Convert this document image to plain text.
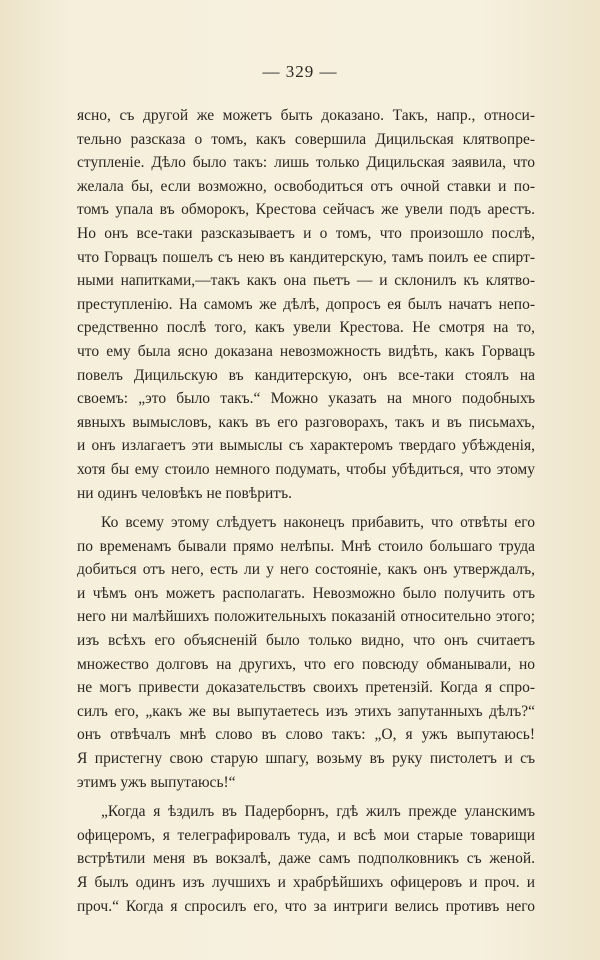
— 329 —
ясно, съ другой же можетъ быть доказано. Такъ, напр., относи-
тельно разсказа о томъ, какъ совершила Дицильская клятвопре-
ступленіе. Дѣло было такъ: лишь только Дицильская заявила, что
желала бы, если возможно, освободиться отъ очной ставки и по-
томъ упала въ обморокъ, Крестова сейчасъ же увели подъ арестъ.
Но онъ все-таки разсказываетъ и о томъ, что произошло послѣ,
что Горвацъ пошелъ съ нею въ кандитерскую, тамъ поилъ ее спирт-
ными напитками,—такъ какъ она пьетъ — и склонилъ къ клятво-
преступленію. На самомъ же дѣлѣ, допросъ ея былъ начатъ непо-
средственно послѣ того, какъ увели Крестова. Не смотря на то,
что ему была ясно доказана невозможность видѣть, какъ Горвацъ
повелъ Дицильскую въ кандитерскую, онъ все-таки стоялъ на
своемъ: „это было такъ.“ Можно указать на много подобныхъ
явныхъ вымысловъ, какъ въ его разговорахъ, такъ и въ письмахъ,
и онъ излагаетъ эти вымыслы съ характеромъ твердаго убѣжденія,
хотя бы ему стоило немного подумать, чтобы убѣдиться, что этому
ни одинъ человѣкъ не повѣритъ.
Ко всему этому слѣдуетъ наконецъ прибавить, что отвѣты его
по временамъ бывали прямо нелѣпы. Мнѣ стоило большаго труда
добиться отъ него, есть ли у него состояніе, какъ онъ утверждалъ,
и чѣмъ онъ можетъ располагать. Невозможно было получить отъ
него ни малѣйшихъ положительныхъ показаній относительно этого;
изъ всѣхъ его объясненій было только видно, что онъ считаетъ
множество долговъ на другихъ, что его повсюду обманывали, но
не могъ привести доказательствъ своихъ претензій. Когда я спро-
силъ его, „какъ же вы выпутаетесь изъ этихъ запутанныхъ дѣлъ?“
онъ отвѣчалъ мнѣ слово въ слово такъ: „О, я ужъ выпутаюсь!
Я пристегну свою старую шпагу, возьму въ руку пистолетъ и съ
этимъ ужъ выпутаюсь!“
„Когда я ѣздилъ въ Падерборнъ, гдѣ жилъ прежде уланскимъ
офицеромъ, я телеграфировалъ туда, и всѣ мои старые товарищи
встрѣтили меня въ вокзалѣ, даже самъ подполковникъ съ женой.
Я былъ одинъ изъ лучшихъ и храбрѣйшихъ офицеровъ и проч. и
проч.“ Когда я спросилъ его, что за интриги велись противъ него
